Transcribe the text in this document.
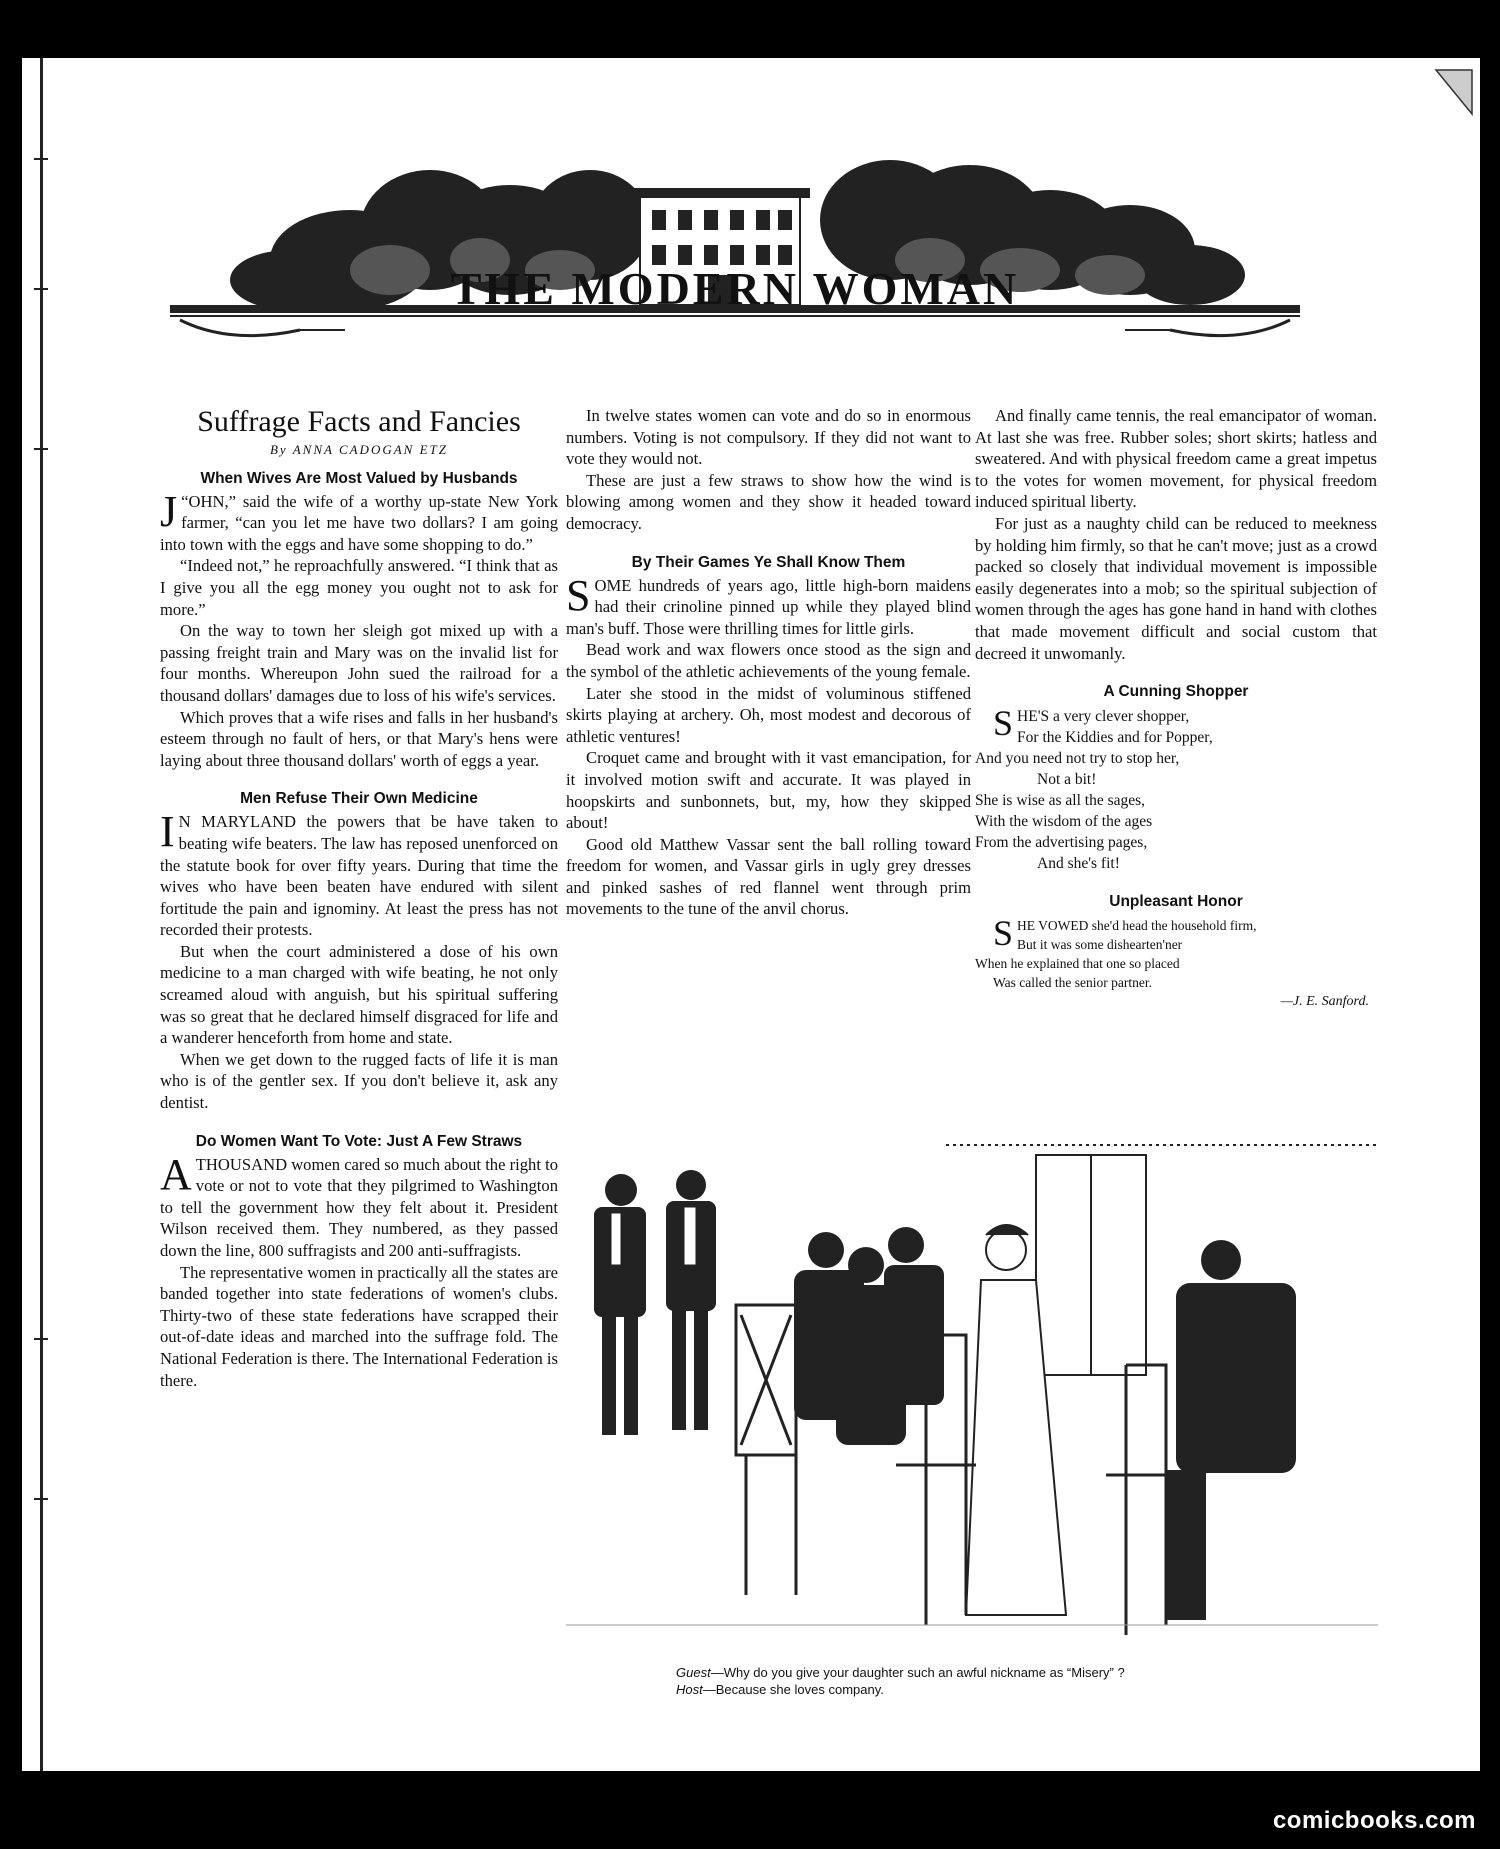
THE MODERN WOMAN
Suffrage Facts and Fancies
By ANNA CADOGAN ETZ
When Wives Are Most Valued by Husbands

“
J OHN,” said the wife of a worthy up-state New York farmer, “can you let me have two dollars? I am going into town with the eggs and have some shopping to do.”

“Indeed not,” he reproachfully answered. “I think that as I give you all the egg money you ought not to ask for more.”

On the way to town her sleigh got mixed up with a passing freight train and Mary was on the invalid list for four months. Whereupon John sued the railroad for a thousand dollars' damages due to loss of his wife's services.

Which proves that a wife rises and falls in her husband's esteem through no fault of hers, or that Mary's hens were laying about three thousand dollars' worth of eggs a year.

Men Refuse Their Own Medicine

I N MARYLAND the powers that be have taken to beating wife beaters. The law has reposed unenforced on the statute book for over fifty years. During that time the wives who have been beaten have endured with silent fortitude the pain and ignominy. At least the press has not recorded their protests.

But when the court administered a dose of his own medicine to a man charged with wife beating, he not only screamed aloud with anguish, but his spiritual suffering was so great that he declared himself disgraced for life and a wanderer henceforth from home and state.

When we get down to the rugged facts of life it is man who is of the gentler sex. If you don't believe it, ask any dentist.

Do Women Want To Vote: Just A Few Straws

A THOUSAND women cared so much about the right to vote or not to vote that they pilgrimed to Washington to tell the government how they felt about it. President Wilson received them. They numbered, as they passed down the line, 800 suffragists and 200 anti-suffragists.

The representative women in practically all the states are banded together into state federations of women's clubs. Thirty-two of these state federations have scrapped their out-of-date ideas and marched into the suffrage fold. The National Federation is there. The International Federation is there.

In twelve states women can vote and do so in enormous numbers. Voting is not compulsory. If they did not want to vote they would not.

These are just a few straws to show how the wind is blowing among women and they show it headed toward democracy.

By Their Games Ye Shall Know Them

SOME hundreds of years ago, little high-born maidens had their crinoline pinned up while they played blind man's buff. Those were thrilling times for little girls.

Bead work and wax flowers once stood as the sign and the symbol of the athletic achievements of the young female.

Later she stood in the midst of voluminous stiffened skirts playing at archery. Oh, most modest and decorous of athletic ventures!

Croquet came and brought with it vast emancipation, for it involved motion swift and accurate. It was played in hoopskirts and sunbonnets, but, my, how they skipped about!

Good old Matthew Vassar sent the ball rolling toward freedom for women, and Vassar girls in ugly grey dresses and pinked sashes of red flannel went through prim movements to the tune of the anvil chorus.

And finally came tennis, the real emancipator of woman. At last she was free. Rubber soles; short skirts; hatless and sweatered. And with physical freedom came a great impetus to the votes for women movement, for physical freedom induced spiritual liberty.

For just as a naughty child can be reduced to meekness by holding him firmly, so that he can't move; just as a crowd packed so closely that individual movement is impossible easily degenerates into a mob; so the spiritual subjection of women through the ages has gone hand in hand with clothes that made movement difficult and social custom that decreed it unwomanly.

A Cunning Shopper
SHE'S a very clever shopper,
For the Kiddies and for Popper,
And you need not try to stop her,
Not a bit!
She is wise as all the sages,
With the wisdom of the ages
From the advertising pages,
And she's fit!
Unpleasant Honor
SHE VOWED she'd head the household firm,
But it was some dishearten'ner
When he explained that one so placed
Was called the senior partner.
—J. E. Sanford.
Guest—Why do you give your daughter such an awful nickname as “Misery” ?
Host—Because she loves company.
comicbooks.com
